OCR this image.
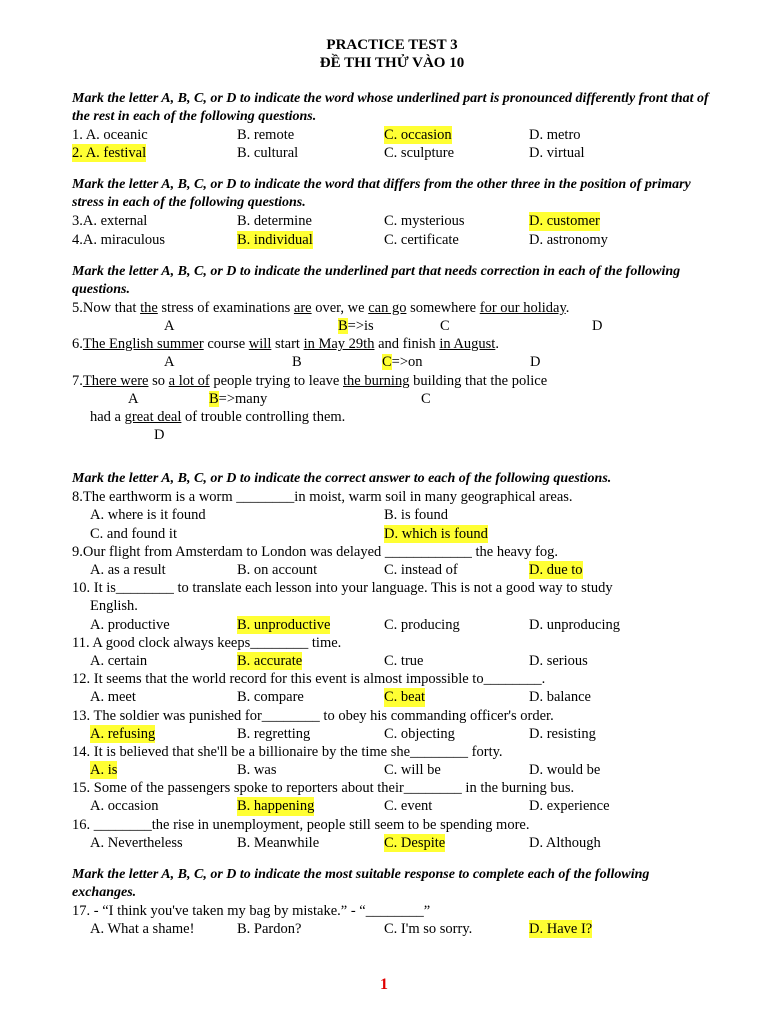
PRACTICE TEST 3

ĐỀ THI THỬ VÀO 10

Mark the letter A, B, C, or D to indicate the word whose underlined part is pronounced differently front that of the rest in each of the following questions.

1. A. oceanic	B. remote	C. occasion	D. metro
2. A. festival	B. cultural	C. sculpture	D. virtual

Mark the letter A, B, C, or D to indicate the word that differs from the other three in the position of primary stress in each of the following questions.

3.A. external	B. determine	C. mysterious	D. customer
4.A. miraculous	B. individual	C. certificate	D. astronomy

Mark the letter A, B, C, or D to indicate the underlined part that needs correction in each of the following questions.

5.Now that the stress of examinations are over, we can go somewhere for our holiday.
A	B=>is	C	D
6.The English summer course will start in May 29th and finish in August.
A	B	C=>on	D
7.There were so a lot of people trying to leave the burning building that the police
A	B=>many	C
had a great deal of trouble controlling them.
D

Mark the letter A, B, C, or D to indicate the correct answer to each of the following questions.

8.The earthworm is a worm ________in moist, warm soil in many geographical areas.
A. where is it found	B. is found
C. and found it	D. which is found
9.Our flight from Amsterdam to London was delayed ____________ the heavy fog.
A. as a result	B. on account	C. instead of	D. due to
10. It is________ to translate each lesson into your language. This is not a good way to study
English.
A. productive	B. unproductive	C. producing	D. unproducing
11. A good clock always keeps________ time.
A. certain	B. accurate	C. true	D. serious
12. It seems that the world record for this event is almost impossible to________.
A. meet	B. compare	C. beat	D. balance
13. The soldier was punished for________ to obey his commanding officer's order.
A. refusing	B. regretting	C. objecting	D. resisting
14. It is believed that she'll be a billionaire by the time she________ forty.
A. is	B. was	C. will be	D. would be
15. Some of the passengers spoke to reporters about their________ in the burning bus.
A. occasion	B. happening	C. event	D. experience
16. ________the rise in unemployment, people still seem to be spending more.
A. Nevertheless	B. Meanwhile	C. Despite	D. Although

Mark the letter A, B, C, or D to indicate the most suitable response to complete each of the following exchanges.

17. - “I think you've taken my bag by mistake.” - “________”
A. What a shame!	B. Pardon?	C. I'm so sorry.	D. Have I?
1
